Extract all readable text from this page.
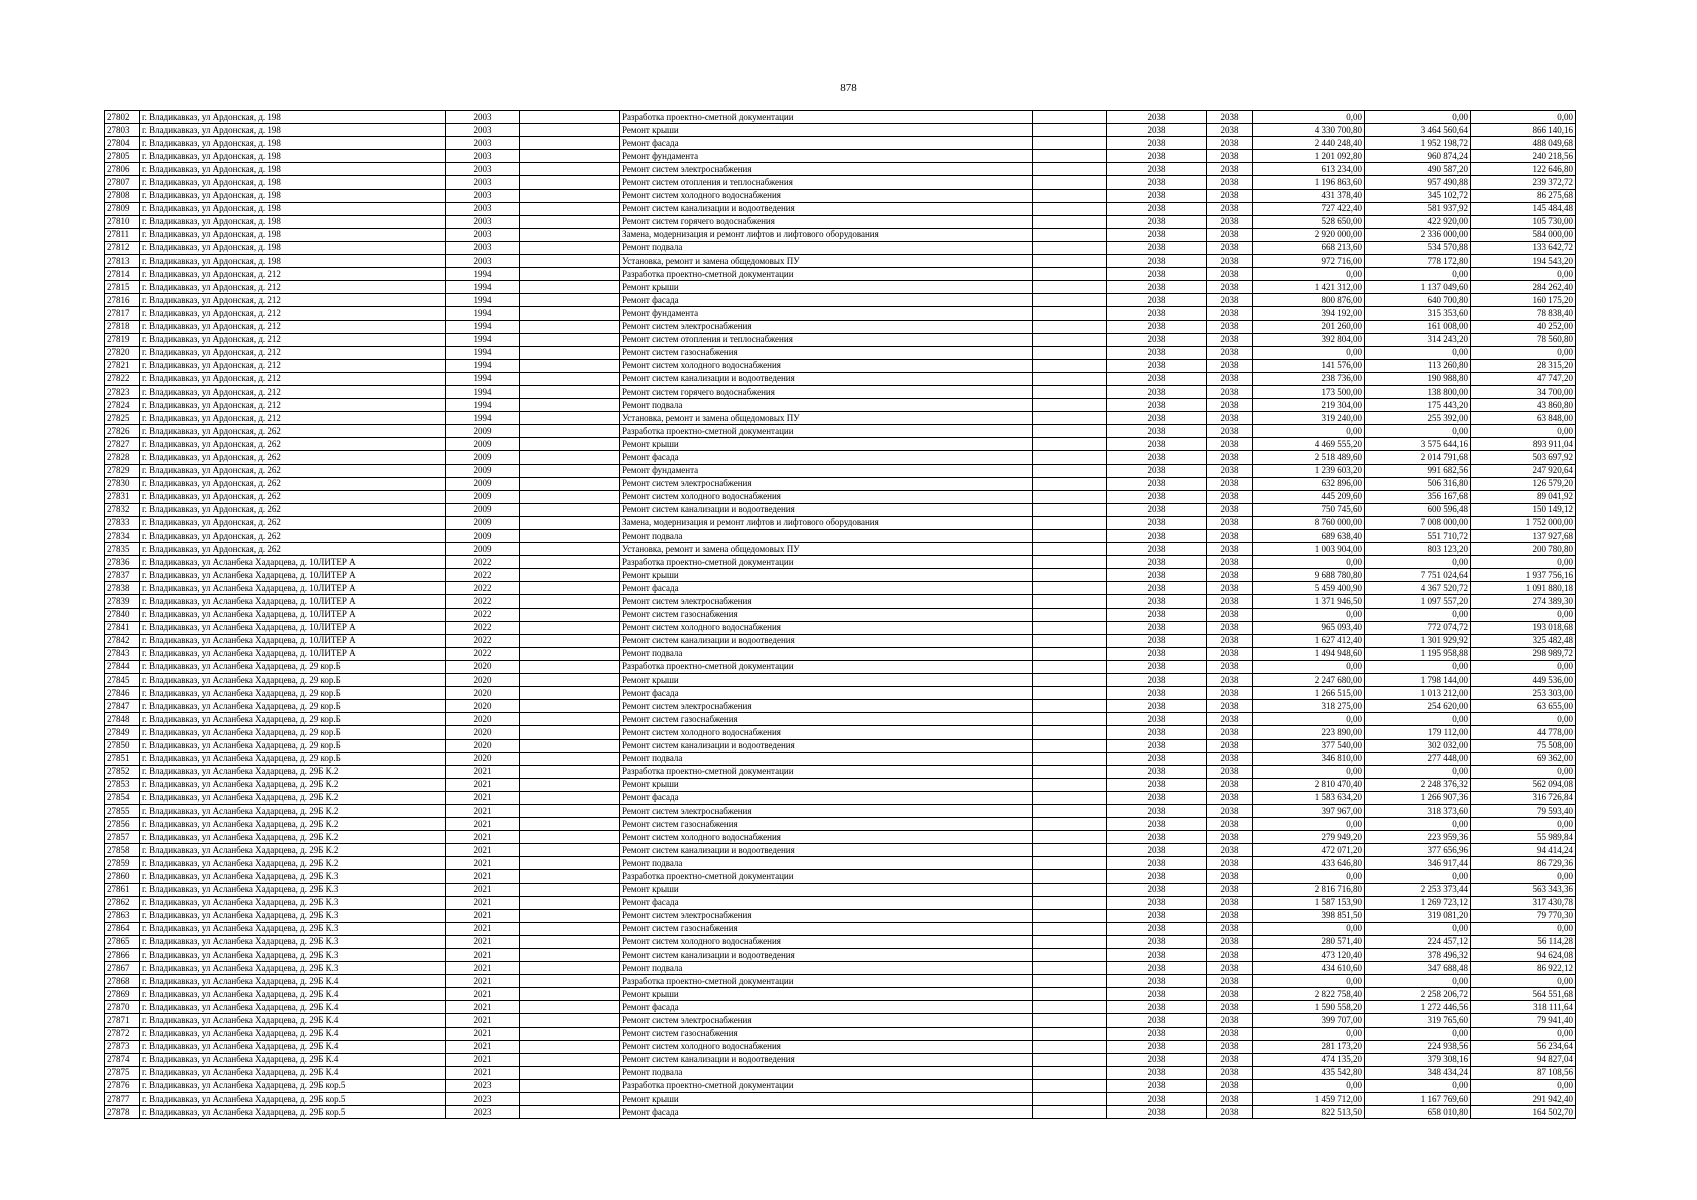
878
27802	г. Владикавказ, ул Ардонская, д. 198	2003		Разработка проектно-сметной документации		2038	2038	0,00	0,00	0,00
27803	г. Владикавказ, ул Ардонская, д. 198	2003		Ремонт крыши		2038	2038	4 330 700,80	3 464 560,64	866 140,16
27804	г. Владикавказ, ул Ардонская, д. 198	2003		Ремонт фасада		2038	2038	2 440 248,40	1 952 198,72	488 049,68
27805	г. Владикавказ, ул Ардонская, д. 198	2003		Ремонт фундамента		2038	2038	1 201 092,80	960 874,24	240 218,56
27806	г. Владикавказ, ул Ардонская, д. 198	2003		Ремонт систем электроснабжения		2038	2038	613 234,00	490 587,20	122 646,80
27807	г. Владикавказ, ул Ардонская, д. 198	2003		Ремонт систем отопления и теплоснабжения		2038	2038	1 196 863,60	957 490,88	239 372,72
27808	г. Владикавказ, ул Ардонская, д. 198	2003		Ремонт систем холодного водоснабжения		2038	2038	431 378,40	345 102,72	86 275,68
27809	г. Владикавказ, ул Ардонская, д. 198	2003		Ремонт систем канализации и водоотведения		2038	2038	727 422,40	581 937,92	145 484,48
27810	г. Владикавказ, ул Ардонская, д. 198	2003		Ремонт систем горячего водоснабжения		2038	2038	528 650,00	422 920,00	105 730,00
27811	г. Владикавказ, ул Ардонская, д. 198	2003		Замена, модернизация и ремонт лифтов и лифтового оборудования		2038	2038	2 920 000,00	2 336 000,00	584 000,00
27812	г. Владикавказ, ул Ардонская, д. 198	2003		Ремонт подвала		2038	2038	668 213,60	534 570,88	133 642,72
27813	г. Владикавказ, ул Ардонская, д. 198	2003		Установка, ремонт и замена общедомовых ПУ		2038	2038	972 716,00	778 172,80	194 543,20
27814	г. Владикавказ, ул Ардонская, д. 212	1994		Разработка проектно-сметной документации		2038	2038	0,00	0,00	0,00
27815	г. Владикавказ, ул Ардонская, д. 212	1994		Ремонт крыши		2038	2038	1 421 312,00	1 137 049,60	284 262,40
27816	г. Владикавказ, ул Ардонская, д. 212	1994		Ремонт фасада		2038	2038	800 876,00	640 700,80	160 175,20
27817	г. Владикавказ, ул Ардонская, д. 212	1994		Ремонт фундамента		2038	2038	394 192,00	315 353,60	78 838,40
27818	г. Владикавказ, ул Ардонская, д. 212	1994		Ремонт систем электроснабжения		2038	2038	201 260,00	161 008,00	40 252,00
27819	г. Владикавказ, ул Ардонская, д. 212	1994		Ремонт систем отопления и теплоснабжения		2038	2038	392 804,00	314 243,20	78 560,80
27820	г. Владикавказ, ул Ардонская, д. 212	1994		Ремонт систем газоснабжения		2038	2038	0,00	0,00	0,00
27821	г. Владикавказ, ул Ардонская, д. 212	1994		Ремонт систем холодного водоснабжения		2038	2038	141 576,00	113 260,80	28 315,20
27822	г. Владикавказ, ул Ардонская, д. 212	1994		Ремонт систем канализации и водоотведения		2038	2038	238 736,00	190 988,80	47 747,20
27823	г. Владикавказ, ул Ардонская, д. 212	1994		Ремонт систем горячего водоснабжения		2038	2038	173 500,00	138 800,00	34 700,00
27824	г. Владикавказ, ул Ардонская, д. 212	1994		Ремонт подвала		2038	2038	219 304,00	175 443,20	43 860,80
27825	г. Владикавказ, ул Ардонская, д. 212	1994		Установка, ремонт и замена общедомовых ПУ		2038	2038	319 240,00	255 392,00	63 848,00
27826	г. Владикавказ, ул Ардонская, д. 262	2009		Разработка проектно-сметной документации		2038	2038	0,00	0,00	0,00
27827	г. Владикавказ, ул Ардонская, д. 262	2009		Ремонт крыши		2038	2038	4 469 555,20	3 575 644,16	893 911,04
27828	г. Владикавказ, ул Ардонская, д. 262	2009		Ремонт фасада		2038	2038	2 518 489,60	2 014 791,68	503 697,92
27829	г. Владикавказ, ул Ардонская, д. 262	2009		Ремонт фундамента		2038	2038	1 239 603,20	991 682,56	247 920,64
27830	г. Владикавказ, ул Ардонская, д. 262	2009		Ремонт систем электроснабжения		2038	2038	632 896,00	506 316,80	126 579,20
27831	г. Владикавказ, ул Ардонская, д. 262	2009		Ремонт систем холодного водоснабжения		2038	2038	445 209,60	356 167,68	89 041,92
27832	г. Владикавказ, ул Ардонская, д. 262	2009		Ремонт систем канализации и водоотведения		2038	2038	750 745,60	600 596,48	150 149,12
27833	г. Владикавказ, ул Ардонская, д. 262	2009		Замена, модернизация и ремонт лифтов и лифтового оборудования		2038	2038	8 760 000,00	7 008 000,00	1 752 000,00
27834	г. Владикавказ, ул Ардонская, д. 262	2009		Ремонт подвала		2038	2038	689 638,40	551 710,72	137 927,68
27835	г. Владикавказ, ул Ардонская, д. 262	2009		Установка, ремонт и замена общедомовых ПУ		2038	2038	1 003 904,00	803 123,20	200 780,80
27836	г. Владикавказ, ул Асланбека Хадарцева, д. 10ЛИТЕР А	2022		Разработка проектно-сметной документации		2038	2038	0,00	0,00	0,00
27837	г. Владикавказ, ул Асланбека Хадарцева, д. 10ЛИТЕР А	2022		Ремонт крыши		2038	2038	9 688 780,80	7 751 024,64	1 937 756,16
27838	г. Владикавказ, ул Асланбека Хадарцева, д. 10ЛИТЕР А	2022		Ремонт фасада		2038	2038	5 459 400,90	4 367 520,72	1 091 880,18
27839	г. Владикавказ, ул Асланбека Хадарцева, д. 10ЛИТЕР А	2022		Ремонт систем электроснабжения		2038	2038	1 371 946,50	1 097 557,20	274 389,30
27840	г. Владикавказ, ул Асланбека Хадарцева, д. 10ЛИТЕР А	2022		Ремонт систем газоснабжения		2038	2038	0,00	0,00	0,00
27841	г. Владикавказ, ул Асланбека Хадарцева, д. 10ЛИТЕР А	2022		Ремонт систем холодного водоснабжения		2038	2038	965 093,40	772 074,72	193 018,68
27842	г. Владикавказ, ул Асланбека Хадарцева, д. 10ЛИТЕР А	2022		Ремонт систем канализации и водоотведения		2038	2038	1 627 412,40	1 301 929,92	325 482,48
27843	г. Владикавказ, ул Асланбека Хадарцева, д. 10ЛИТЕР А	2022		Ремонт подвала		2038	2038	1 494 948,60	1 195 958,88	298 989,72
27844	г. Владикавказ, ул Асланбека Хадарцева, д. 29 кор.Б	2020		Разработка проектно-сметной документации		2038	2038	0,00	0,00	0,00
27845	г. Владикавказ, ул Асланбека Хадарцева, д. 29 кор.Б	2020		Ремонт крыши		2038	2038	2 247 680,00	1 798 144,00	449 536,00
27846	г. Владикавказ, ул Асланбека Хадарцева, д. 29 кор.Б	2020		Ремонт фасада		2038	2038	1 266 515,00	1 013 212,00	253 303,00
27847	г. Владикавказ, ул Асланбека Хадарцева, д. 29 кор.Б	2020		Ремонт систем электроснабжения		2038	2038	318 275,00	254 620,00	63 655,00
27848	г. Владикавказ, ул Асланбека Хадарцева, д. 29 кор.Б	2020		Ремонт систем газоснабжения		2038	2038	0,00	0,00	0,00
27849	г. Владикавказ, ул Асланбека Хадарцева, д. 29 кор.Б	2020		Ремонт систем холодного водоснабжения		2038	2038	223 890,00	179 112,00	44 778,00
27850	г. Владикавказ, ул Асланбека Хадарцева, д. 29 кор.Б	2020		Ремонт систем канализации и водоотведения		2038	2038	377 540,00	302 032,00	75 508,00
27851	г. Владикавказ, ул Асланбека Хадарцева, д. 29 кор.Б	2020		Ремонт подвала		2038	2038	346 810,00	277 448,00	69 362,00
27852	г. Владикавказ, ул Асланбека Хадарцева, д. 29Б К.2	2021		Разработка проектно-сметной документации		2038	2038	0,00	0,00	0,00
27853	г. Владикавказ, ул Асланбека Хадарцева, д. 29Б К.2	2021		Ремонт крыши		2038	2038	2 810 470,40	2 248 376,32	562 094,08
27854	г. Владикавказ, ул Асланбека Хадарцева, д. 29Б К.2	2021		Ремонт фасада		2038	2038	1 583 634,20	1 266 907,36	316 726,84
27855	г. Владикавказ, ул Асланбека Хадарцева, д. 29Б К.2	2021		Ремонт систем электроснабжения		2038	2038	397 967,00	318 373,60	79 593,40
27856	г. Владикавказ, ул Асланбека Хадарцева, д. 29Б К.2	2021		Ремонт систем газоснабжения		2038	2038	0,00	0,00	0,00
27857	г. Владикавказ, ул Асланбека Хадарцева, д. 29Б К.2	2021		Ремонт систем холодного водоснабжения		2038	2038	279 949,20	223 959,36	55 989,84
27858	г. Владикавказ, ул Асланбека Хадарцева, д. 29Б К.2	2021		Ремонт систем канализации и водоотведения		2038	2038	472 071,20	377 656,96	94 414,24
27859	г. Владикавказ, ул Асланбека Хадарцева, д. 29Б К.2	2021		Ремонт подвала		2038	2038	433 646,80	346 917,44	86 729,36
27860	г. Владикавказ, ул Асланбека Хадарцева, д. 29Б К.3	2021		Разработка проектно-сметной документации		2038	2038	0,00	0,00	0,00
27861	г. Владикавказ, ул Асланбека Хадарцева, д. 29Б К.3	2021		Ремонт крыши		2038	2038	2 816 716,80	2 253 373,44	563 343,36
27862	г. Владикавказ, ул Асланбека Хадарцева, д. 29Б К.3	2021		Ремонт фасада		2038	2038	1 587 153,90	1 269 723,12	317 430,78
27863	г. Владикавказ, ул Асланбека Хадарцева, д. 29Б К.3	2021		Ремонт систем электроснабжения		2038	2038	398 851,50	319 081,20	79 770,30
27864	г. Владикавказ, ул Асланбека Хадарцева, д. 29Б К.3	2021		Ремонт систем газоснабжения		2038	2038	0,00	0,00	0,00
27865	г. Владикавказ, ул Асланбека Хадарцева, д. 29Б К.3	2021		Ремонт систем холодного водоснабжения		2038	2038	280 571,40	224 457,12	56 114,28
27866	г. Владикавказ, ул Асланбека Хадарцева, д. 29Б К.3	2021		Ремонт систем канализации и водоотведения		2038	2038	473 120,40	378 496,32	94 624,08
27867	г. Владикавказ, ул Асланбека Хадарцева, д. 29Б К.3	2021		Ремонт подвала		2038	2038	434 610,60	347 688,48	86 922,12
27868	г. Владикавказ, ул Асланбека Хадарцева, д. 29Б К.4	2021		Разработка проектно-сметной документации		2038	2038	0,00	0,00	0,00
27869	г. Владикавказ, ул Асланбека Хадарцева, д. 29Б К.4	2021		Ремонт крыши		2038	2038	2 822 758,40	2 258 206,72	564 551,68
27870	г. Владикавказ, ул Асланбека Хадарцева, д. 29Б К.4	2021		Ремонт фасада		2038	2038	1 590 558,20	1 272 446,56	318 111,64
27871	г. Владикавказ, ул Асланбека Хадарцева, д. 29Б К.4	2021		Ремонт систем электроснабжения		2038	2038	399 707,00	319 765,60	79 941,40
27872	г. Владикавказ, ул Асланбека Хадарцева, д. 29Б К.4	2021		Ремонт систем газоснабжения		2038	2038	0,00	0,00	0,00
27873	г. Владикавказ, ул Асланбека Хадарцева, д. 29Б К.4	2021		Ремонт систем холодного водоснабжения		2038	2038	281 173,20	224 938,56	56 234,64
27874	г. Владикавказ, ул Асланбека Хадарцева, д. 29Б К.4	2021		Ремонт систем канализации и водоотведения		2038	2038	474 135,20	379 308,16	94 827,04
27875	г. Владикавказ, ул Асланбека Хадарцева, д. 29Б К.4	2021		Ремонт подвала		2038	2038	435 542,80	348 434,24	87 108,56
27876	г. Владикавказ, ул Асланбека Хадарцева, д. 29Б кор.5	2023		Разработка проектно-сметной документации		2038	2038	0,00	0,00	0,00
27877	г. Владикавказ, ул Асланбека Хадарцева, д. 29Б кор.5	2023		Ремонт крыши		2038	2038	1 459 712,00	1 167 769,60	291 942,40
27878	г. Владикавказ, ул Асланбека Хадарцева, д. 29Б кор.5	2023		Ремонт фасада		2038	2038	822 513,50	658 010,80	164 502,70
